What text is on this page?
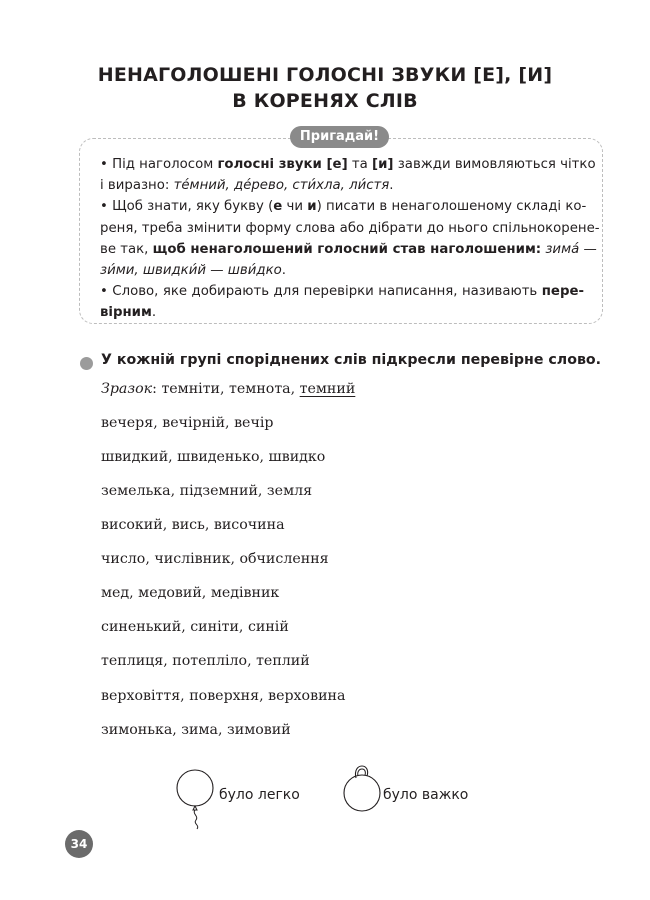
НЕНАГОЛОШЕНІ ГОЛОСНІ ЗВУКИ [Е], [И]
В КОРЕНЯХ СЛІВ
Пригадай!
• Під наголосом голосні звуки [е] та [и] завжди вимовляються чітко
і виразно: те́мний, де́рево, сти́хла, ли́стя.
• Щоб знати, яку букву (е чи и) писати в ненаголошеному складі ко-
реня, треба змінити форму слова або дібрати до нього спільнокорене-
ве так, щоб ненаголошений голосний став наголошеним: зима́ —
зи́ми, швидки́й — шви́дко.
• Слово, яке добирають для перевірки написання, називають пере-
вірним.
У кожній групі споріднених слів підкресли перевірне слово.
Зразок: темніти, темнота, темний
вечеря, вечірній, вечір
швидкий, швиденько, швидко
земелька, підземний, земля
високий, вись, височина
число, числівник, обчислення
мед, медовий, медівник
синенький, синіти, синій
теплиця, потепліло, теплий
верховіття, поверхня, верховина
зимонька, зима, зимовий
було легко	було важко
34
